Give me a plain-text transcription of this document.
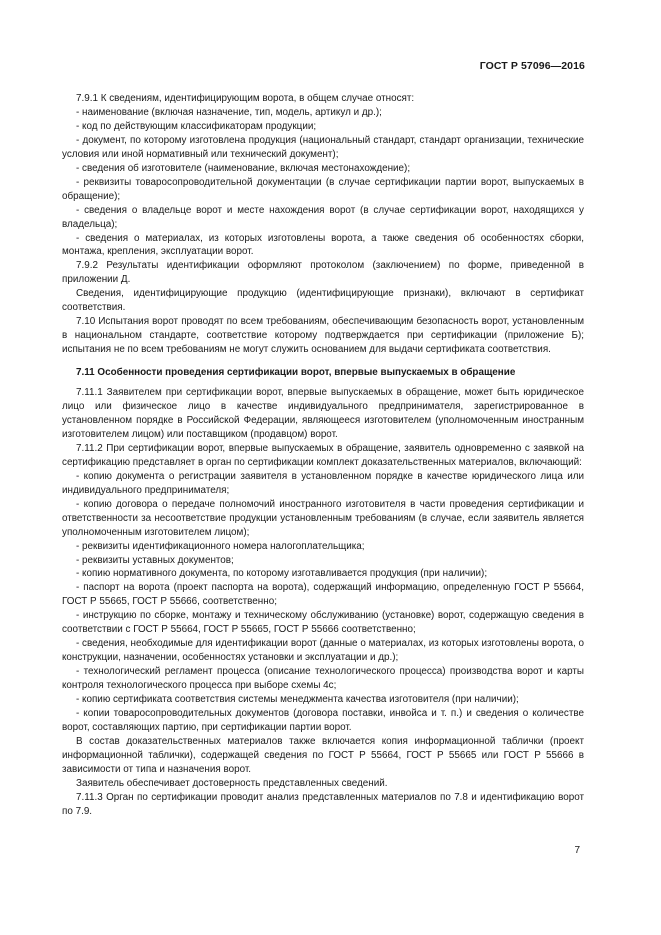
ГОСТ Р 57096—2016

7.9.1 К сведениям, идентифицирующим ворота, в общем случае относят:

- наименование (включая назначение, тип, модель, артикул и др.);

- код по действующим классификаторам продукции;

- документ, по которому изготовлена продукция (национальный стандарт, стандарт организации, технические условия или иной нормативный или технический документ);

- сведения об изготовителе (наименование, включая местонахождение);

- реквизиты товаросопроводительной документации (в случае сертификации партии ворот, выпускаемых в обращение);

- сведения о владельце ворот и месте нахождения ворот (в случае сертификации ворот, находящихся у владельца);

- сведения о материалах, из которых изготовлены ворота, а также сведения об особенностях сборки, монтажа, крепления, эксплуатации ворот.

7.9.2 Результаты идентификации оформляют протоколом (заключением) по форме, приведенной в приложении Д.

Сведения, идентифицирующие продукцию (идентифицирующие признаки), включают в сертификат соответствия.

7.10 Испытания ворот проводят по всем требованиям, обеспечивающим безопасность ворот, установленным в национальном стандарте, соответствие которому подтверждается при сертификации (приложение Б); испытания не по всем требованиям не могут служить основанием для выдачи сертификата соответствия.

7.11 Особенности проведения сертификации ворот, впервые выпускаемых в обращение

7.11.1 Заявителем при сертификации ворот, впервые выпускаемых в обращение, может быть юридическое лицо или физическое лицо в качестве индивидуального предпринимателя, зарегистрированное в установленном порядке в Российской Федерации, являющееся изготовителем (уполномоченным иностранным изготовителем лицом) или поставщиком (продавцом) ворот.

7.11.2 При сертификации ворот, впервые выпускаемых в обращение, заявитель одновременно с заявкой на сертификацию представляет в орган по сертификации комплект доказательственных материалов, включающий:

- копию документа о регистрации заявителя в установленном порядке в качестве юридического лица или индивидуального предпринимателя;

- копию договора о передаче полномочий иностранного изготовителя в части проведения сертификации и ответственности за несоответствие продукции установленным требованиям (в случае, если заявитель является уполномоченным изготовителем лицом);

- реквизиты идентификационного номера налогоплательщика;

- реквизиты уставных документов;

- копию нормативного документа, по которому изготавливается продукция (при наличии);

- паспорт на ворота (проект паспорта на ворота), содержащий информацию, определенную ГОСТ Р 55664, ГОСТ Р 55665, ГОСТ Р 55666, соответственно;

- инструкцию по сборке, монтажу и техническому обслуживанию (установке) ворот, содержащую сведения в соответствии с ГОСТ Р 55664, ГОСТ Р 55665, ГОСТ Р 55666 соответственно;

- сведения, необходимые для идентификации ворот (данные о материалах, из которых изготовлены ворота, о конструкции, назначении, особенностях установки и эксплуатации и др.);

- технологический регламент процесса (описание технологического процесса) производства ворот и карты контроля технологического процесса при выборе схемы 4с;

- копию сертификата соответствия системы менеджмента качества изготовителя (при наличии);

- копии товаросопроводительных документов (договора поставки, инвойса и т. п.) и сведения о количестве ворот, составляющих партию, при сертификации партии ворот.

В состав доказательственных материалов также включается копия информационной таблички (проект информационной таблички), содержащей сведения по ГОСТ Р 55664, ГОСТ Р 55665 или ГОСТ Р 55666 в зависимости от типа и назначения ворот.

Заявитель обеспечивает достоверность представленных сведений.

7.11.3 Орган по сертификации проводит анализ представленных материалов по 7.8 и идентификацию ворот по 7.9.

7
